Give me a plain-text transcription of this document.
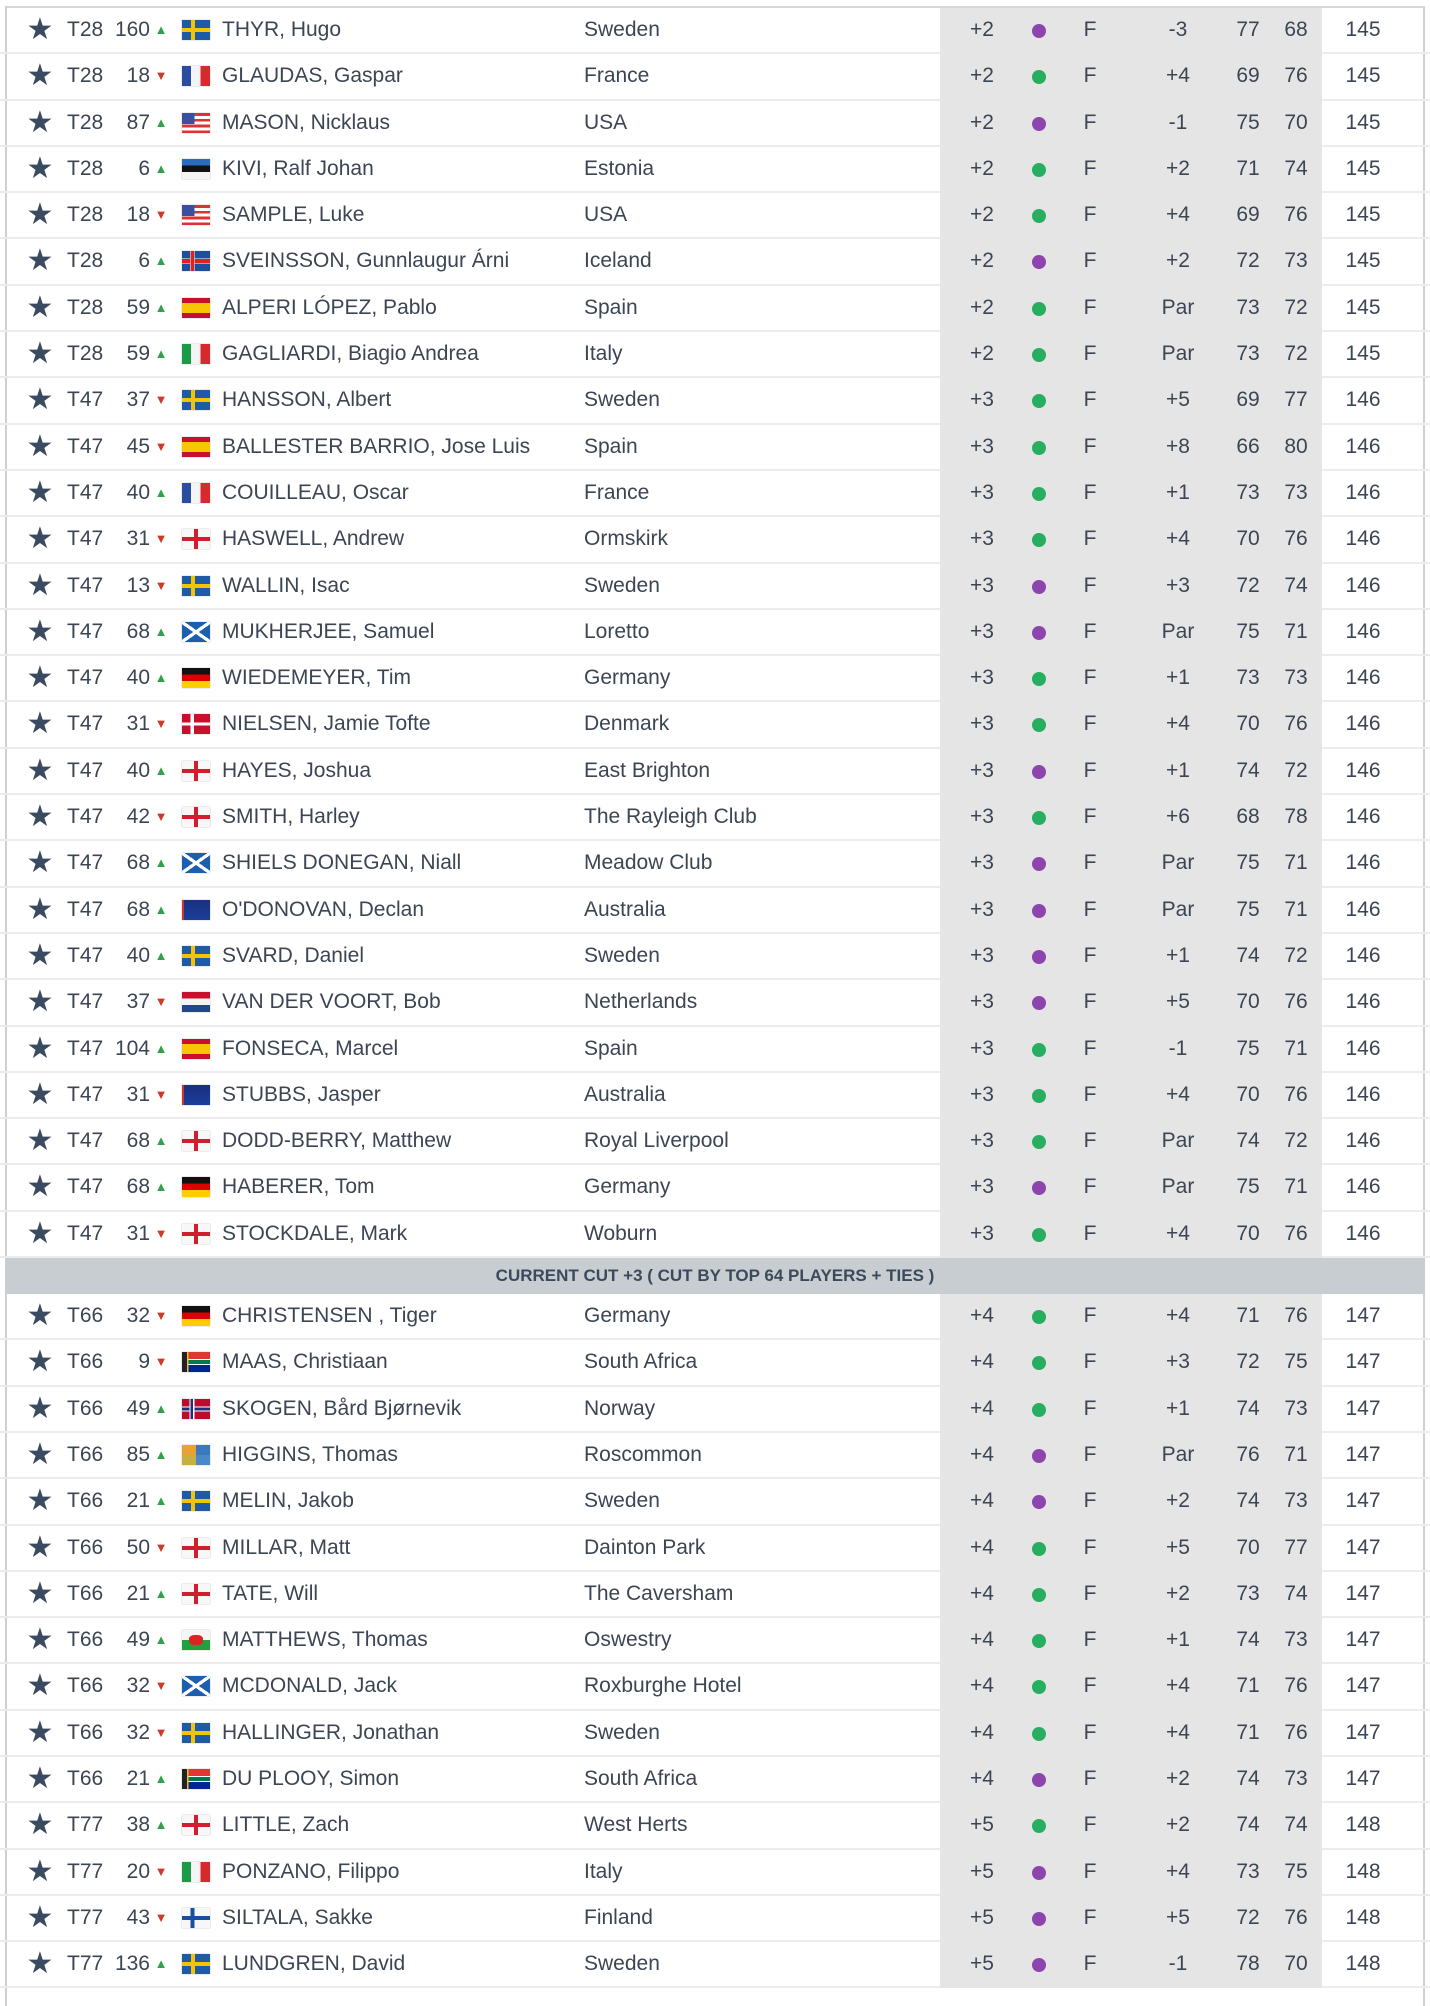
★ T28 160 ▲	THYR, Hugo	Sweden	+2	F	-3	77	68	145
★ T28	18 ▼	GLAUDAS, Gaspar	France	+2	F	+4	69	76	145
★ T28	87 ▲	MASON, Nicklaus	USA	+2	F	-1	75	70	145
★ T28	6 ▲	KIVI, Ralf Johan	Estonia	+2	F	+2	71	74	145
★ T28	18 ▼	SAMPLE, Luke	USA	+2	F	+4	69	76	145
★ T28	6 ▲	SVEINSSON, Gunnlaugur Árni	Iceland	+2	F	+2	72	73	145
★ T28	59 ▲	ALPERI LÓPEZ, Pablo	Spain	+2	F	Par	73	72	145
★ T28	59 ▲	GAGLIARDI, Biagio Andrea	Italy	+2	F	Par	73	72	145
★ T47	37 ▼	HANSSON, Albert	Sweden	+3	F	+5	69	77	146
★ T47	45 ▼	BALLESTER BARRIO, Jose Luis	Spain	+3	F	+8	66	80	146
★ T47	40 ▲	COUILLEAU, Oscar	France	+3	F	+1	73	73	146
★ T47	31 ▼	HASWELL, Andrew	Ormskirk	+3	F	+4	70	76	146
★ T47	13 ▼	WALLIN, Isac	Sweden	+3	F	+3	72	74	146
★ T47	68 ▲	MUKHERJEE, Samuel	Loretto	+3	F	Par	75	71	146
★ T47	40 ▲	WIEDEMEYER, Tim	Germany	+3	F	+1	73	73	146
★ T47	31 ▼	NIELSEN, Jamie Tofte	Denmark	+3	F	+4	70	76	146
★ T47	40 ▲	HAYES, Joshua	East Brighton	+3	F	+1	74	72	146
★ T47	42 ▼	SMITH, Harley	The Rayleigh Club	+3	F	+6	68	78	146
★ T47	68 ▲	SHIELS DONEGAN, Niall	Meadow Club	+3	F	Par	75	71	146
★ T47	68 ▲	O'DONOVAN, Declan	Australia	+3	F	Par	75	71	146
★ T47	40 ▲	SVARD, Daniel	Sweden	+3	F	+1	74	72	146
★ T47	37 ▼	VAN DER VOORT, Bob	Netherlands	+3	F	+5	70	76	146
★ T47 104 ▲	FONSECA, Marcel	Spain	+3	F	-1	75	71	146
★ T47	31 ▼	STUBBS, Jasper	Australia	+3	F	+4	70	76	146
★ T47	68 ▲	DODD-BERRY, Matthew	Royal Liverpool	+3	F	Par	74	72	146
★ T47	68 ▲	HABERER, Tom	Germany	+3	F	Par	75	71	146
★ T47	31 ▼	STOCKDALE, Mark	Woburn	+3	F	+4	70	76	146
CURRENT CUT +3 ( CUT BY TOP 64 PLAYERS + TIES )
★ T66	32 ▼	CHRISTENSEN , Tiger	Germany	+4	F	+4	71	76	147
★ T66	9 ▼	MAAS, Christiaan	South Africa	+4	F	+3	72	75	147
★ T66	49 ▲	SKOGEN, Bård Bjørnevik	Norway	+4	F	+1	74	73	147
★ T66	85 ▲	HIGGINS, Thomas	Roscommon	+4	F	Par	76	71	147
★ T66	21 ▲	MELIN, Jakob	Sweden	+4	F	+2	74	73	147
★ T66	50 ▼	MILLAR, Matt	Dainton Park	+4	F	+5	70	77	147
★ T66	21 ▲	TATE, Will	The Caversham	+4	F	+2	73	74	147
★ T66	49 ▲	MATTHEWS, Thomas	Oswestry	+4	F	+1	74	73	147
★ T66	32 ▼	MCDONALD, Jack	Roxburghe Hotel	+4	F	+4	71	76	147
★ T66	32 ▼	HALLINGER, Jonathan	Sweden	+4	F	+4	71	76	147
★ T66	21 ▲	DU PLOOY, Simon	South Africa	+4	F	+2	74	73	147
★ T77	38 ▲	LITTLE, Zach	West Herts	+5	F	+2	74	74	148
★ T77	20 ▼	PONZANO, Filippo	Italy	+5	F	+4	73	75	148
★ T77	43 ▼	SILTALA, Sakke	Finland	+5	F	+5	72	76	148
★ T77 136 ▲	LUNDGREN, David	Sweden	+5	F	-1	78	70	148
